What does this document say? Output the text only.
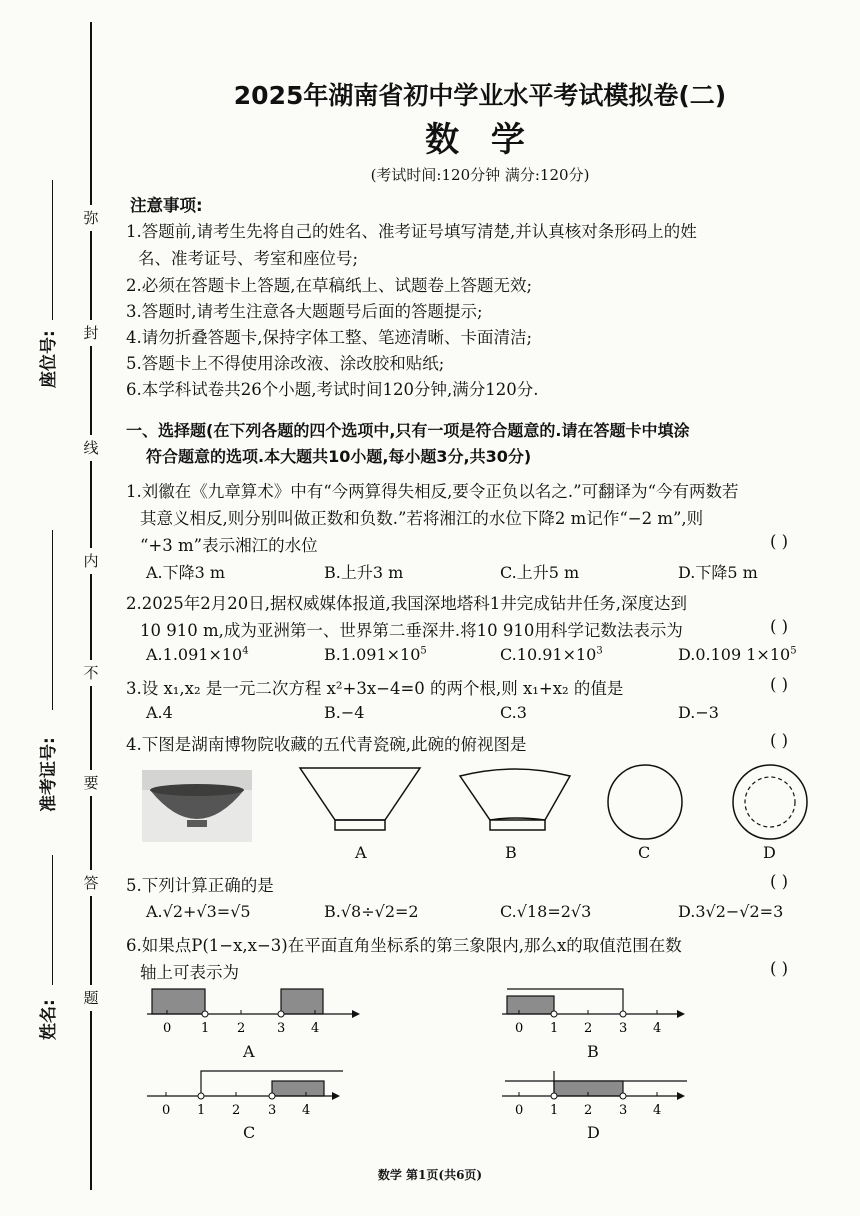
弥
封
线
内
不
要
答
题
座位号:
准考证号:
姓名:
2025年湖南省初中学业水平考试模拟卷(二)
数 学
(考试时间:120分钟 满分:120分)
注意事项:
1.答题前,请考生先将自己的姓名、准考证号填写清楚,并认真核对条形码上的姓
名、准考证号、考室和座位号;
2.必须在答题卡上答题,在草稿纸上、试题卷上答题无效;
3.答题时,请考生注意各大题题号后面的答题提示;
4.请勿折叠答题卡,保持字体工整、笔迹清晰、卡面清洁;
5.答题卡上不得使用涂改液、涂改胶和贴纸;
6.本学科试卷共26个小题,考试时间120分钟,满分120分.
一、选择题(在下列各题的四个选项中,只有一项是符合题意的.请在答题卡中填涂
符合题意的选项.本大题共10小题,每小题3分,共30分)
1.刘徽在《九章算术》中有“今两算得失相反,要令正负以名之.”可翻译为“今有两数若
其意义相反,则分别叫做正数和负数.”若将湘江的水位下降2 m记作“−2 m”,则
“+3 m”表示湘江的水位	( )
A.下降3 m	B.上升3 m	C.上升5 m	D.下降5 m
2.2025年2月20日,据权威媒体报道,我国深地塔科1井完成钻井任务,深度达到
10 910 m,成为亚洲第一、世界第二垂深井.将10 910用科学记数法表示为	( )
$A.1.091\times 10^4$	$B.1.091\times 10^5$	$C.10.91\times 10^3$	D.0.109 $1\times 10^5$
3.设 x₁,x₂ 是一元二次方程 x²+3x−4=0 的两个根,则 x₁+x₂ 的值是	( )
A.4	B.−4	C.3	D.−3
4.下图是湖南博物院收藏的五代青瓷碗,此碗的俯视图是	( )
A	B	C	D
5.下列计算正确的是	( )
A.√2+√3=√5	B.√8÷√2=2	C.√18=2√3	D.3√2−√2=3
6.如果点P(1−x,x−3)在平面直角坐标系的第三象限内,那么x的取值范围在数
轴上可表示为	( )
0 1 2 3 4
A
0 1 2 3 4
B
0 1 2 3 4
C
0 1 2 3 4
D
数学 第1页(共6页)
